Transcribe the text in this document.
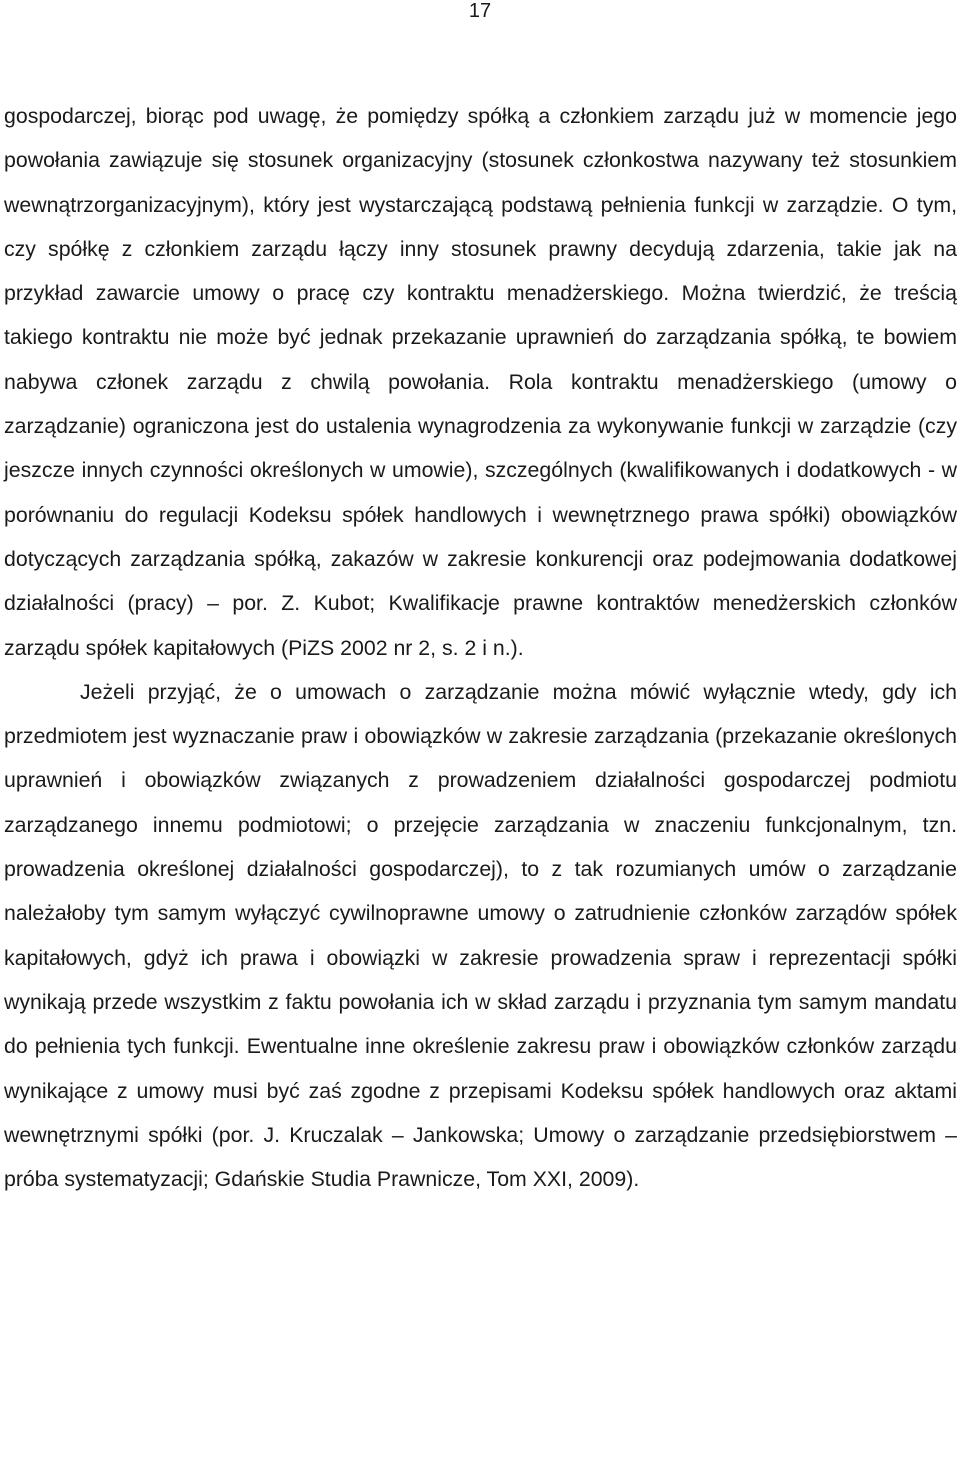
17

gospodarczej, biorąc pod uwagę, że pomiędzy spółką a członkiem zarządu już w momencie jego powołania zawiązuje się stosunek organizacyjny (stosunek członkostwa nazywany też stosunkiem wewnątrzorganizacyjnym), który jest wystarczającą podstawą pełnienia funkcji w zarządzie. O tym, czy spółkę z członkiem zarządu łączy inny stosunek prawny decydują zdarzenia, takie jak na przykład zawarcie umowy o pracę czy kontraktu menadżerskiego. Można twierdzić, że treścią takiego kontraktu nie może być jednak przekazanie uprawnień do zarządzania spółką, te bowiem nabywa członek zarządu z chwilą powołania. Rola kontraktu menadżerskiego (umowy o zarządzanie) ograniczona jest do ustalenia wynagrodzenia za wykonywanie funkcji w zarządzie (czy jeszcze innych czynności określonych w umowie), szczególnych (kwalifikowanych i dodatkowych - w porównaniu do regulacji Kodeksu spółek handlowych i wewnętrznego prawa spółki) obowiązków dotyczących zarządzania spółką, zakazów w zakresie konkurencji oraz podejmowania dodatkowej działalności (pracy) – por. Z. Kubot; Kwalifikacje prawne kontraktów menedżerskich członków zarządu spółek kapitałowych (PiZS 2002 nr 2, s. 2 i n.).

Jeżeli przyjąć, że o umowach o zarządzanie można mówić wyłącznie wtedy, gdy ich przedmiotem jest wyznaczanie praw i obowiązków w zakresie zarządzania (przekazanie określonych uprawnień i obowiązków związanych z prowadzeniem działalności gospodarczej podmiotu zarządzanego innemu podmiotowi; o przejęcie zarządzania w znaczeniu funkcjonalnym, tzn. prowadzenia określonej działalności gospodarczej), to z tak rozumianych umów o zarządzanie należałoby tym samym wyłączyć cywilnoprawne umowy o zatrudnienie członków zarządów spółek kapitałowych, gdyż ich prawa i obowiązki w zakresie prowadzenia spraw i reprezentacji spółki wynikają przede wszystkim z faktu powołania ich w skład zarządu i przyznania tym samym mandatu do pełnienia tych funkcji. Ewentualne inne określenie zakresu praw i obowiązków członków zarządu wynikające z umowy musi być zaś zgodne z przepisami Kodeksu spółek handlowych oraz aktami wewnętrznymi spółki (por. J. Kruczalak – Jankowska; Umowy o zarządzanie przedsiębiorstwem – próba systematyzacji; Gdańskie Studia Prawnicze, Tom XXI, 2009).
